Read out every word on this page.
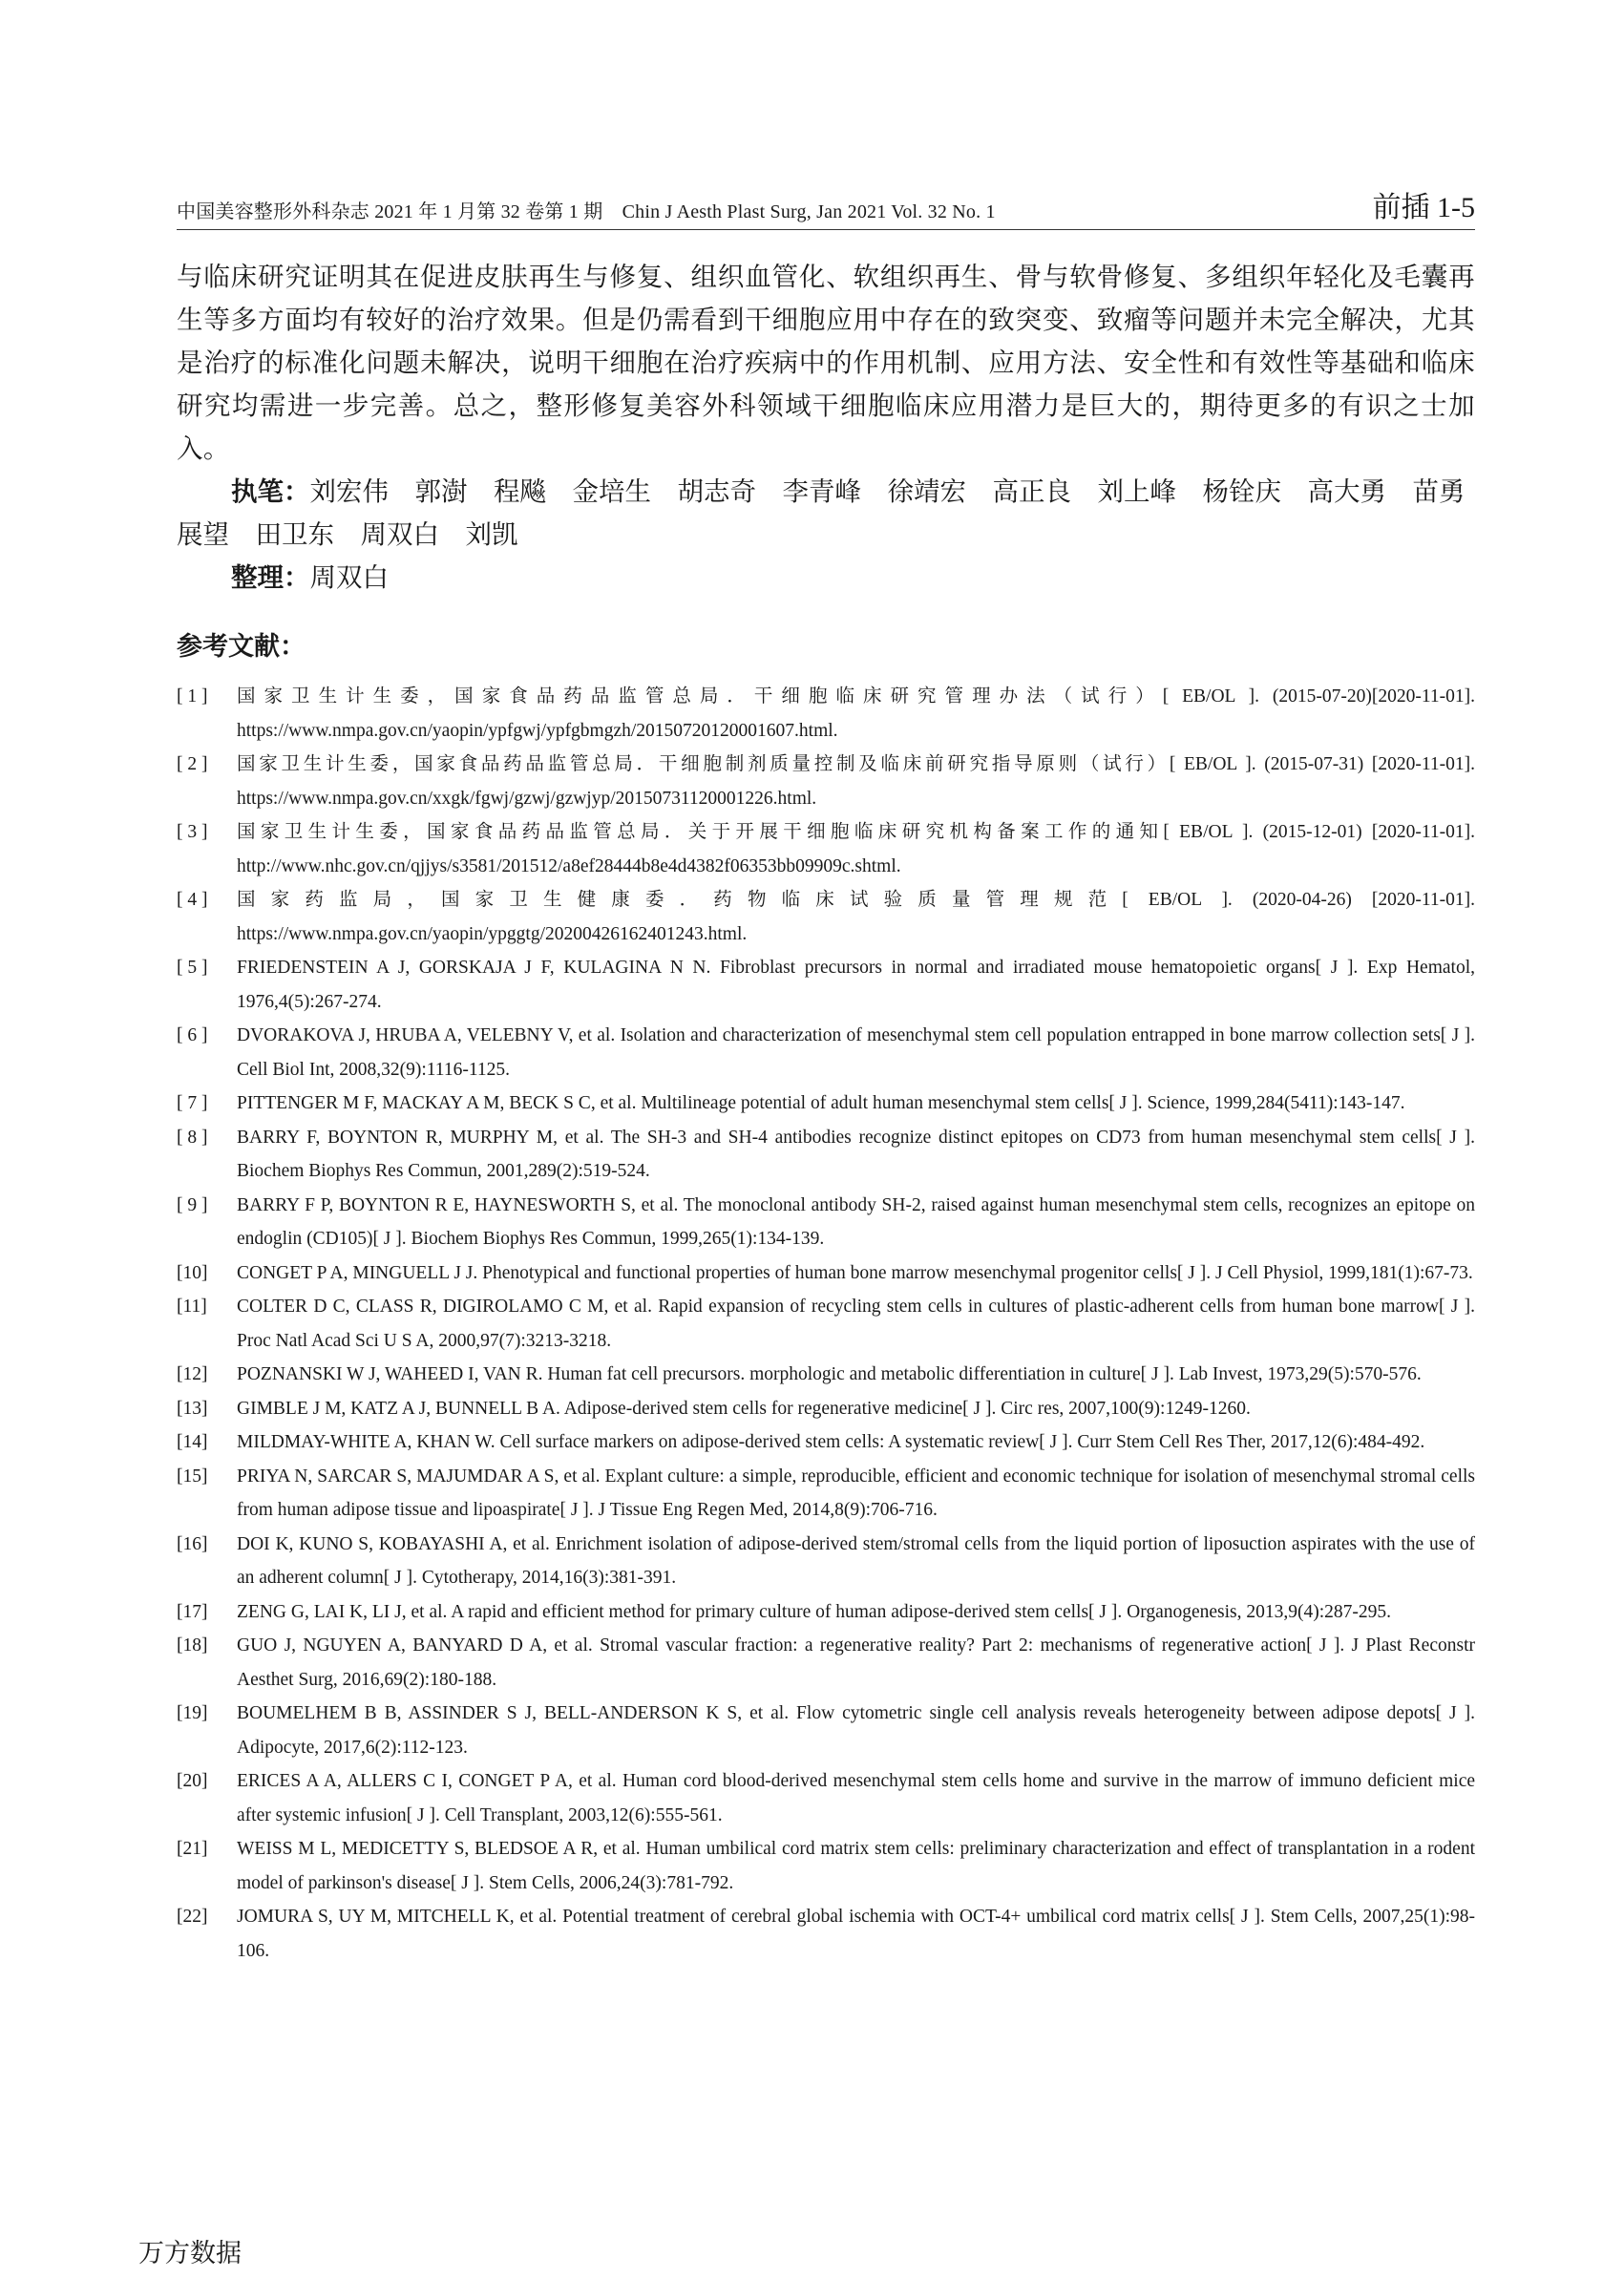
中国美容整形外科杂志 2021 年 1 月第 32 卷第 1 期　Chin J Aesth Plast Surg, Jan 2021 Vol. 32 No. 1	前插 1-5

与临床研究证明其在促进皮肤再生与修复、组织血管化、软组织再生、骨与软骨修复、多组织年轻化及毛囊再生等多方面均有较好的治疗效果。但是仍需看到干细胞应用中存在的致突变、致瘤等问题并未完全解决，尤其是治疗的标准化问题未解决，说明干细胞在治疗疾病中的作用机制、应用方法、安全性和有效性等基础和临床研究均需进一步完善。总之，整形修复美容外科领域干细胞临床应用潜力是巨大的，期待更多的有识之士加入。

执笔：刘宏伟　郭澍　程飚　金培生　胡志奇　李青峰　徐靖宏　高正良　刘上峰　杨铨庆　高大勇　苗勇　展望　田卫东　周双白　刘凯

整理：周双白

参考文献：
[ 1 ] 国家卫生计生委，国家食品药品监管总局．干细胞临床研究管理办法（试行）[ EB/OL ]. (2015-07-20)[2020-11-01]. https://www.nmpa.gov.cn/yaopin/ypfgwj/ypfgbmgzh/20150720120001607.html.
[ 2 ] 国家卫生计生委，国家食品药品监管总局．干细胞制剂质量控制及临床前研究指导原则（试行）[ EB/OL ]. (2015-07-31) [2020-11-01]. https://www.nmpa.gov.cn/xxgk/fgwj/gzwj/gzwjyp/20150731120001226.html.
[ 3 ] 国家卫生计生委，国家食品药品监管总局．关于开展干细胞临床研究机构备案工作的通知[ EB/OL ]. (2015-12-01) [2020-11-01]. http://www.nhc.gov.cn/qjjys/s3581/201512/a8ef28444b8e4d4382f06353bb09909c.shtml.
[ 4 ] 国家药监局，国家卫生健康委．药物临床试验质量管理规范[ EB/OL ]. (2020-04-26) [2020-11-01]. https://www.nmpa.gov.cn/yaopin/ypggtg/20200426162401243.html.
[ 5 ] FRIEDENSTEIN A J, GORSKAJA J F, KULAGINA N N. Fibroblast precursors in normal and irradiated mouse hematopoietic organs[ J ]. Exp Hematol, 1976,4(5):267-274.
[ 6 ] DVORAKOVA J, HRUBA A, VELEBNY V, et al. Isolation and characterization of mesenchymal stem cell population entrapped in bone marrow collection sets[ J ]. Cell Biol Int, 2008,32(9):1116-1125.
[ 7 ] PITTENGER M F, MACKAY A M, BECK S C, et al. Multilineage potential of adult human mesenchymal stem cells[ J ]. Science, 1999,284(5411):143-147.
[ 8 ] BARRY F, BOYNTON R, MURPHY M, et al. The SH-3 and SH-4 antibodies recognize distinct epitopes on CD73 from human mesenchymal stem cells[ J ]. Biochem Biophys Res Commun, 2001,289(2):519-524.
[ 9 ] BARRY F P, BOYNTON R E, HAYNESWORTH S, et al. The monoclonal antibody SH-2, raised against human mesenchymal stem cells, recognizes an epitope on endoglin (CD105)[ J ]. Biochem Biophys Res Commun, 1999,265(1):134-139.
[10] CONGET P A, MINGUELL J J. Phenotypical and functional properties of human bone marrow mesenchymal progenitor cells[ J ]. J Cell Physiol, 1999,181(1):67-73.
[11] COLTER D C, CLASS R, DIGIROLAMO C M, et al. Rapid expansion of recycling stem cells in cultures of plastic-adherent cells from human bone marrow[ J ]. Proc Natl Acad Sci U S A, 2000,97(7):3213-3218.
[12] POZNANSKI W J, WAHEED I, VAN R. Human fat cell precursors. morphologic and metabolic differentiation in culture[ J ]. Lab Invest, 1973,29(5):570-576.
[13] GIMBLE J M, KATZ A J, BUNNELL B A. Adipose-derived stem cells for regenerative medicine[ J ]. Circ res, 2007,100(9):1249-1260.
[14] MILDMAY-WHITE A, KHAN W. Cell surface markers on adipose-derived stem cells: A systematic review[ J ]. Curr Stem Cell Res Ther, 2017,12(6):484-492.
[15] PRIYA N, SARCAR S, MAJUMDAR A S, et al. Explant culture: a simple, reproducible, efficient and economic technique for isolation of mesenchymal stromal cells from human adipose tissue and lipoaspirate[ J ]. J Tissue Eng Regen Med, 2014,8(9):706-716.
[16] DOI K, KUNO S, KOBAYASHI A, et al. Enrichment isolation of adipose-derived stem/stromal cells from the liquid portion of liposuction aspirates with the use of an adherent column[ J ]. Cytotherapy, 2014,16(3):381-391.
[17] ZENG G, LAI K, LI J, et al. A rapid and efficient method for primary culture of human adipose-derived stem cells[ J ]. Organogenesis, 2013,9(4):287-295.
[18] GUO J, NGUYEN A, BANYARD D A, et al. Stromal vascular fraction: a regenerative reality? Part 2: mechanisms of regenerative action[ J ]. J Plast Reconstr Aesthet Surg, 2016,69(2):180-188.
[19] BOUMELHEM B B, ASSINDER S J, BELL-ANDERSON K S, et al. Flow cytometric single cell analysis reveals heterogeneity between adipose depots[ J ]. Adipocyte, 2017,6(2):112-123.
[20] ERICES A A, ALLERS C I, CONGET P A, et al. Human cord blood-derived mesenchymal stem cells home and survive in the marrow of immuno deficient mice after systemic infusion[ J ]. Cell Transplant, 2003,12(6):555-561.
[21] WEISS M L, MEDICETTY S, BLEDSOE A R, et al. Human umbilical cord matrix stem cells: preliminary characterization and effect of transplantation in a rodent model of parkinson's disease[ J ]. Stem Cells, 2006,24(3):781-792.
[22] JOMURA S, UY M, MITCHELL K, et al. Potential treatment of cerebral global ischemia with OCT-4+ umbilical cord matrix cells[ J ]. Stem Cells, 2007,25(1):98-106.
万方数据
